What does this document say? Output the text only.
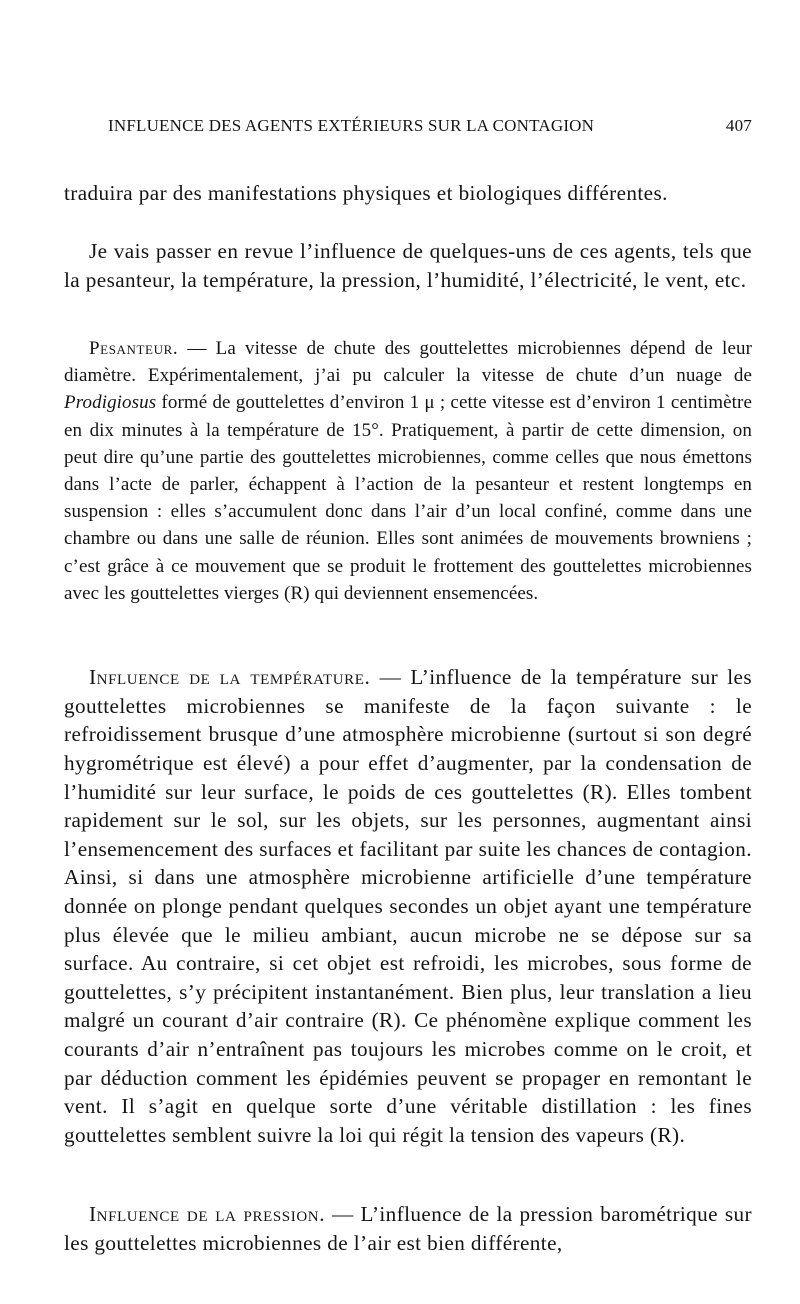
INFLUENCE DES AGENTS EXTÉRIEURS SUR LA CONTAGION	407

traduira par des manifestations physiques et biologiques différentes.

Je vais passer en revue l’influence de quelques-uns de ces agents, tels que la pesanteur, la température, la pression, l’humidité, l’électricité, le vent, etc.

Pesanteur. — La vitesse de chute des gouttelettes microbiennes dépend de leur diamètre. Expérimentalement, j’ai pu calculer la vitesse de chute d’un nuage de Prodigiosus formé de gouttelettes d’environ 1 μ ; cette vitesse est d’environ 1 centimètre en dix minutes à la température de 15°. Pratiquement, à partir de cette dimension, on peut dire qu’une partie des gouttelettes microbiennes, comme celles que nous émettons dans l’acte de parler, échappent à l’action de la pesanteur et restent longtemps en suspension : elles s’accumulent donc dans l’air d’un local confiné, comme dans une chambre ou dans une salle de réunion. Elles sont animées de mouvements browniens ; c’est grâce à ce mouvement que se produit le frottement des gouttelettes microbiennes avec les gouttelettes vierges (R) qui deviennent ensemencées.

Influence de la température. — L’influence de la température sur les gouttelettes microbiennes se manifeste de la façon suivante : le refroidissement brusque d’une atmosphère microbienne (surtout si son degré hygrométrique est élevé) a pour effet d’augmenter, par la condensation de l’humidité sur leur surface, le poids de ces gouttelettes (R). Elles tombent rapidement sur le sol, sur les objets, sur les personnes, augmentant ainsi l’ensemencement des surfaces et facilitant par suite les chances de contagion. Ainsi, si dans une atmosphère microbienne artificielle d’une température donnée on plonge pendant quelques secondes un objet ayant une température plus élevée que le milieu ambiant, aucun microbe ne se dépose sur sa surface. Au contraire, si cet objet est refroidi, les microbes, sous forme de gouttelettes, s’y précipitent instantanément. Bien plus, leur translation a lieu malgré un courant d’air contraire (R). Ce phénomène explique comment les courants d’air n’entraînent pas toujours les microbes comme on le croit, et par déduction comment les épidémies peuvent se propager en remontant le vent. Il s’agit en quelque sorte d’une véritable distillation : les fines gouttelettes semblent suivre la loi qui régit la tension des vapeurs (R).

Influence de la pression. — L’influence de la pression barométrique sur les gouttelettes microbiennes de l’air est bien différente,
